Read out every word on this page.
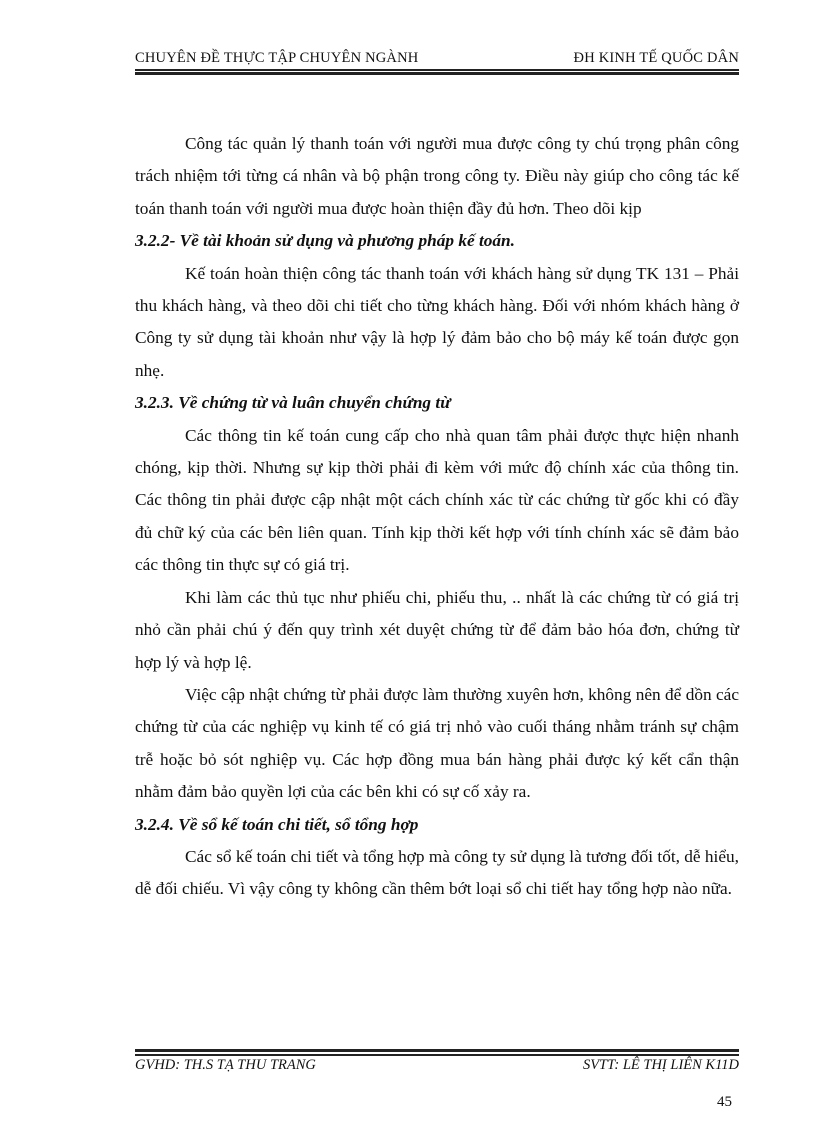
CHUYÊN ĐỀ THỰC TẬP CHUYÊN NGÀNH	ĐH KINH TẾ QUỐC DÂN

Công tác quản lý thanh toán với người mua được công ty chú trọng phân công trách nhiệm tới từng cá nhân và bộ phận trong công ty. Điều này giúp cho công tác kế toán thanh toán với người mua được hoàn thiện đầy đủ hơn. Theo dõi kịp

3.2.2- Về tài khoản sử dụng và phương pháp kế toán.

Kế toán hoàn thiện công tác thanh toán với khách hàng sử dụng TK 131 – Phải thu khách hàng, và theo dõi chi tiết cho từng khách hàng. Đối với nhóm khách hàng ở Công ty sử dụng tài khoản như vậy là hợp lý đảm bảo cho bộ máy kế toán được gọn nhẹ.

3.2.3. Về chứng từ và luân chuyển chứng từ

Các thông tin kế toán cung cấp cho nhà quan tâm phải được thực hiện nhanh chóng, kịp thời. Nhưng sự kịp thời phải đi kèm với mức độ chính xác của thông tin. Các thông tin phải được cập nhật một cách chính xác từ các chứng từ gốc khi có đầy đủ chữ ký của các bên liên quan. Tính kịp thời kết hợp với tính chính xác sẽ đảm bảo các thông tin thực sự có giá trị.

Khi làm các thủ tục như phiếu chi, phiếu thu, .. nhất là các chứng từ có giá trị nhỏ cần phải chú ý đến quy trình xét duyệt chứng từ để đảm bảo hóa đơn, chứng từ hợp lý và hợp lệ.

Việc cập nhật chứng từ phải được làm thường xuyên hơn, không nên để dồn các chứng từ của các nghiệp vụ kinh tế có giá trị nhỏ vào cuối tháng nhằm tránh sự chậm trễ hoặc bỏ sót nghiệp vụ. Các hợp đồng mua bán hàng phải được ký kết cẩn thận nhằm đảm bảo quyền lợi của các bên khi có sự cố xảy ra.

3.2.4. Về sổ kế toán chi tiết, sổ tổng hợp

Các sổ kế toán chi tiết và tổng hợp mà công ty sử dụng là tương đối tốt, dễ hiểu, dễ đối chiếu. Vì vậy công ty không cần thêm bớt loại sổ chi tiết hay tổng hợp nào nữa.

GVHD: TH.S TẠ THU TRANG	SVTT: LÊ THỊ LIÊN K11D
45
